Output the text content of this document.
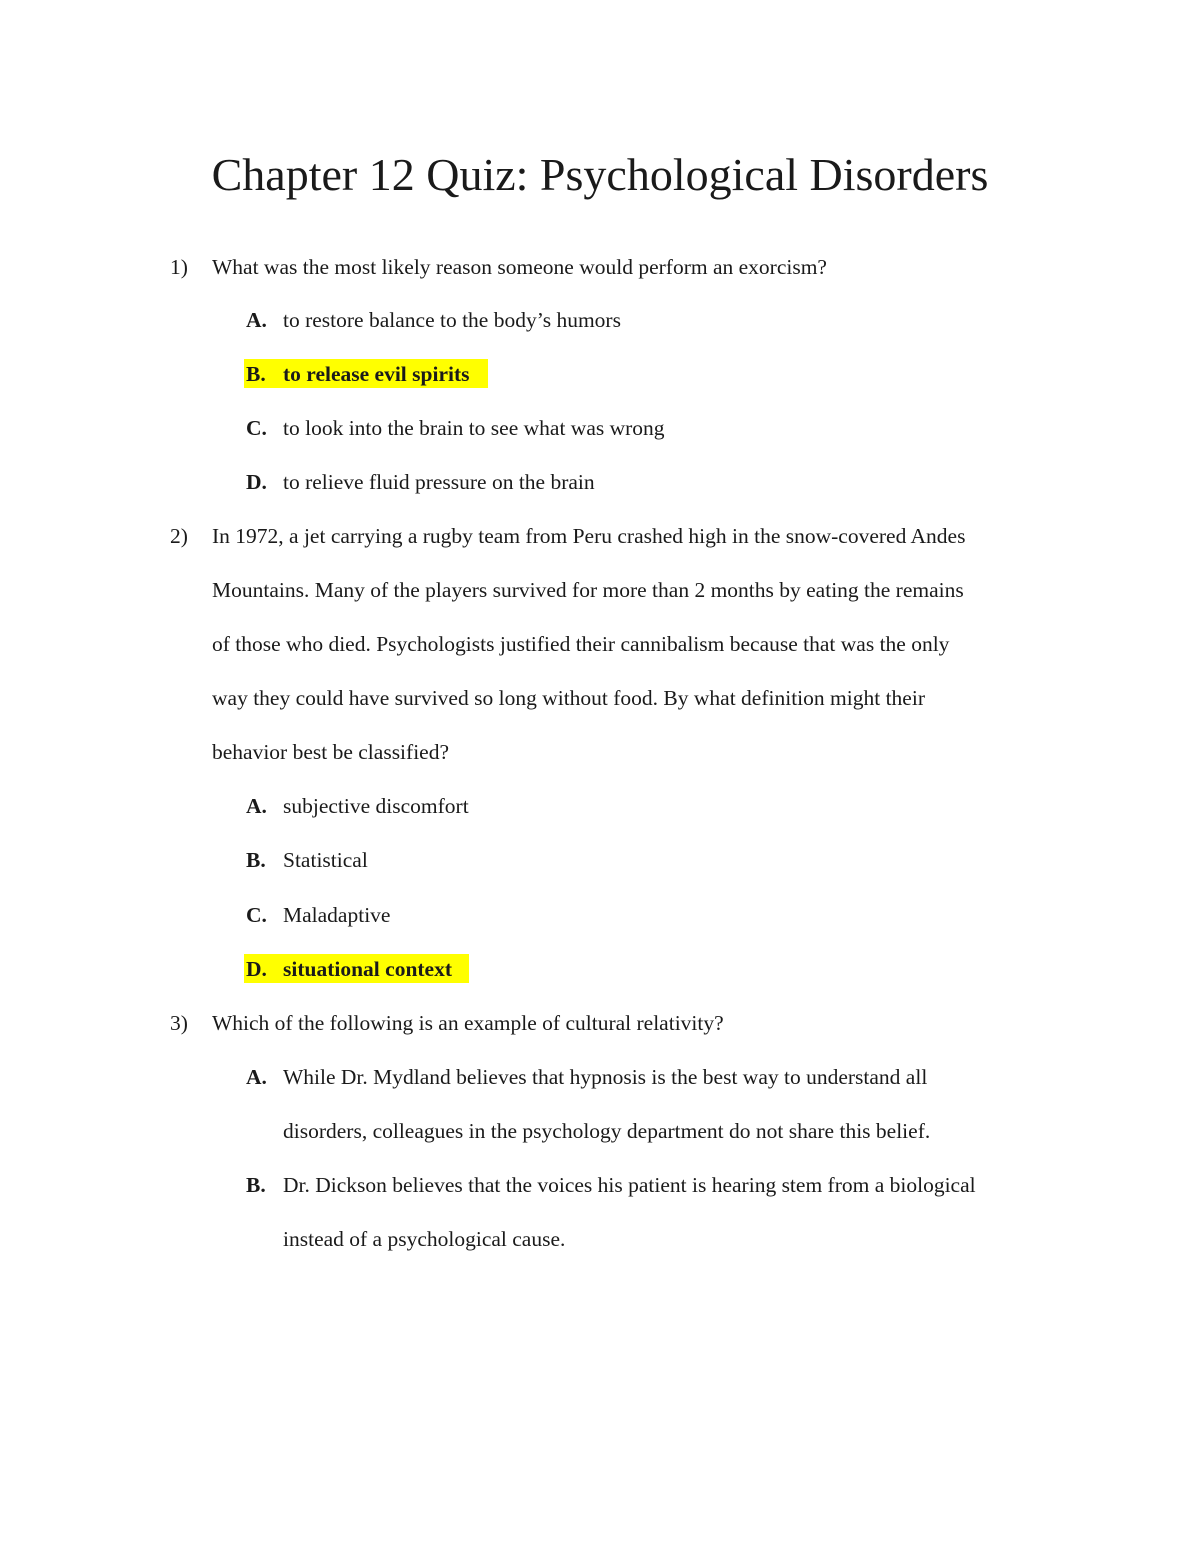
Chapter 12 Quiz: Psychological Disorders
1) What was the most likely reason someone would perform an exorcism?
A. to restore balance to the body’s humors
B. to release evil spirits
C. to look into the brain to see what was wrong
D. to relieve fluid pressure on the brain
2) In 1972, a jet carrying a rugby team from Peru crashed high in the snow-covered Andes
Mountains. Many of the players survived for more than 2 months by eating the remains
of those who died. Psychologists justified their cannibalism because that was the only
way they could have survived so long without food. By what definition might their
behavior best be classified?
A. subjective discomfort
B. Statistical
C. Maladaptive
D. situational context
3) Which of the following is an example of cultural relativity?
A. While Dr. Mydland believes that hypnosis is the best way to understand all
disorders, colleagues in the psychology department do not share this belief.
B. Dr. Dickson believes that the voices his patient is hearing stem from a biological
instead of a psychological cause.
